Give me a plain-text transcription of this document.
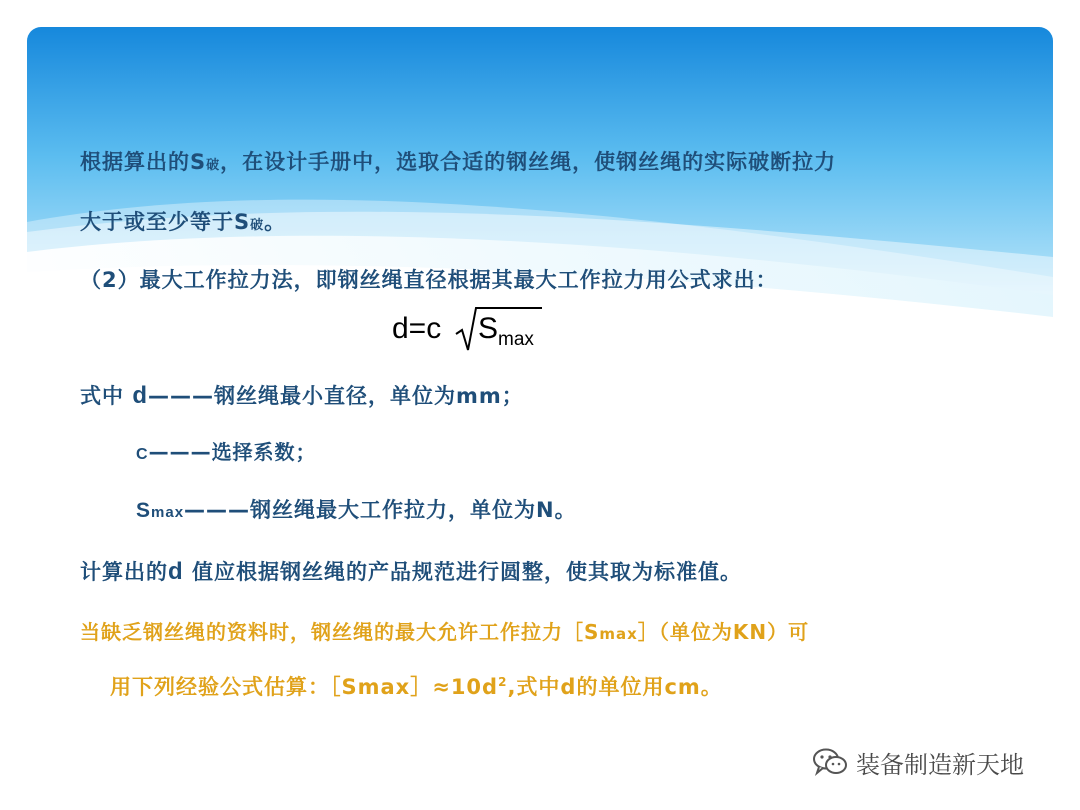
根据算出的S破，在设计手册中，选取合适的钢丝绳，使钢丝绳的实际破断拉力
大于或至少等于S破。
（2）最大工作拉力法，即钢丝绳直径根据其最大工作拉力用公式求出：
d=c S max
式中 d———钢丝绳最小直径，单位为mm；
C———选择系数；
Smax———钢丝绳最大工作拉力，单位为N。
计算出的d 值应根据钢丝绳的产品规范进行圆整，使其取为标准值。
当缺乏钢丝绳的资料时，钢丝绳的最大允许工作拉力［Smax］（单位为KN）可
用下列经验公式估算：$[Smax]\approx 10d^2$,式中d的单位用cm。
装备制造新天地
